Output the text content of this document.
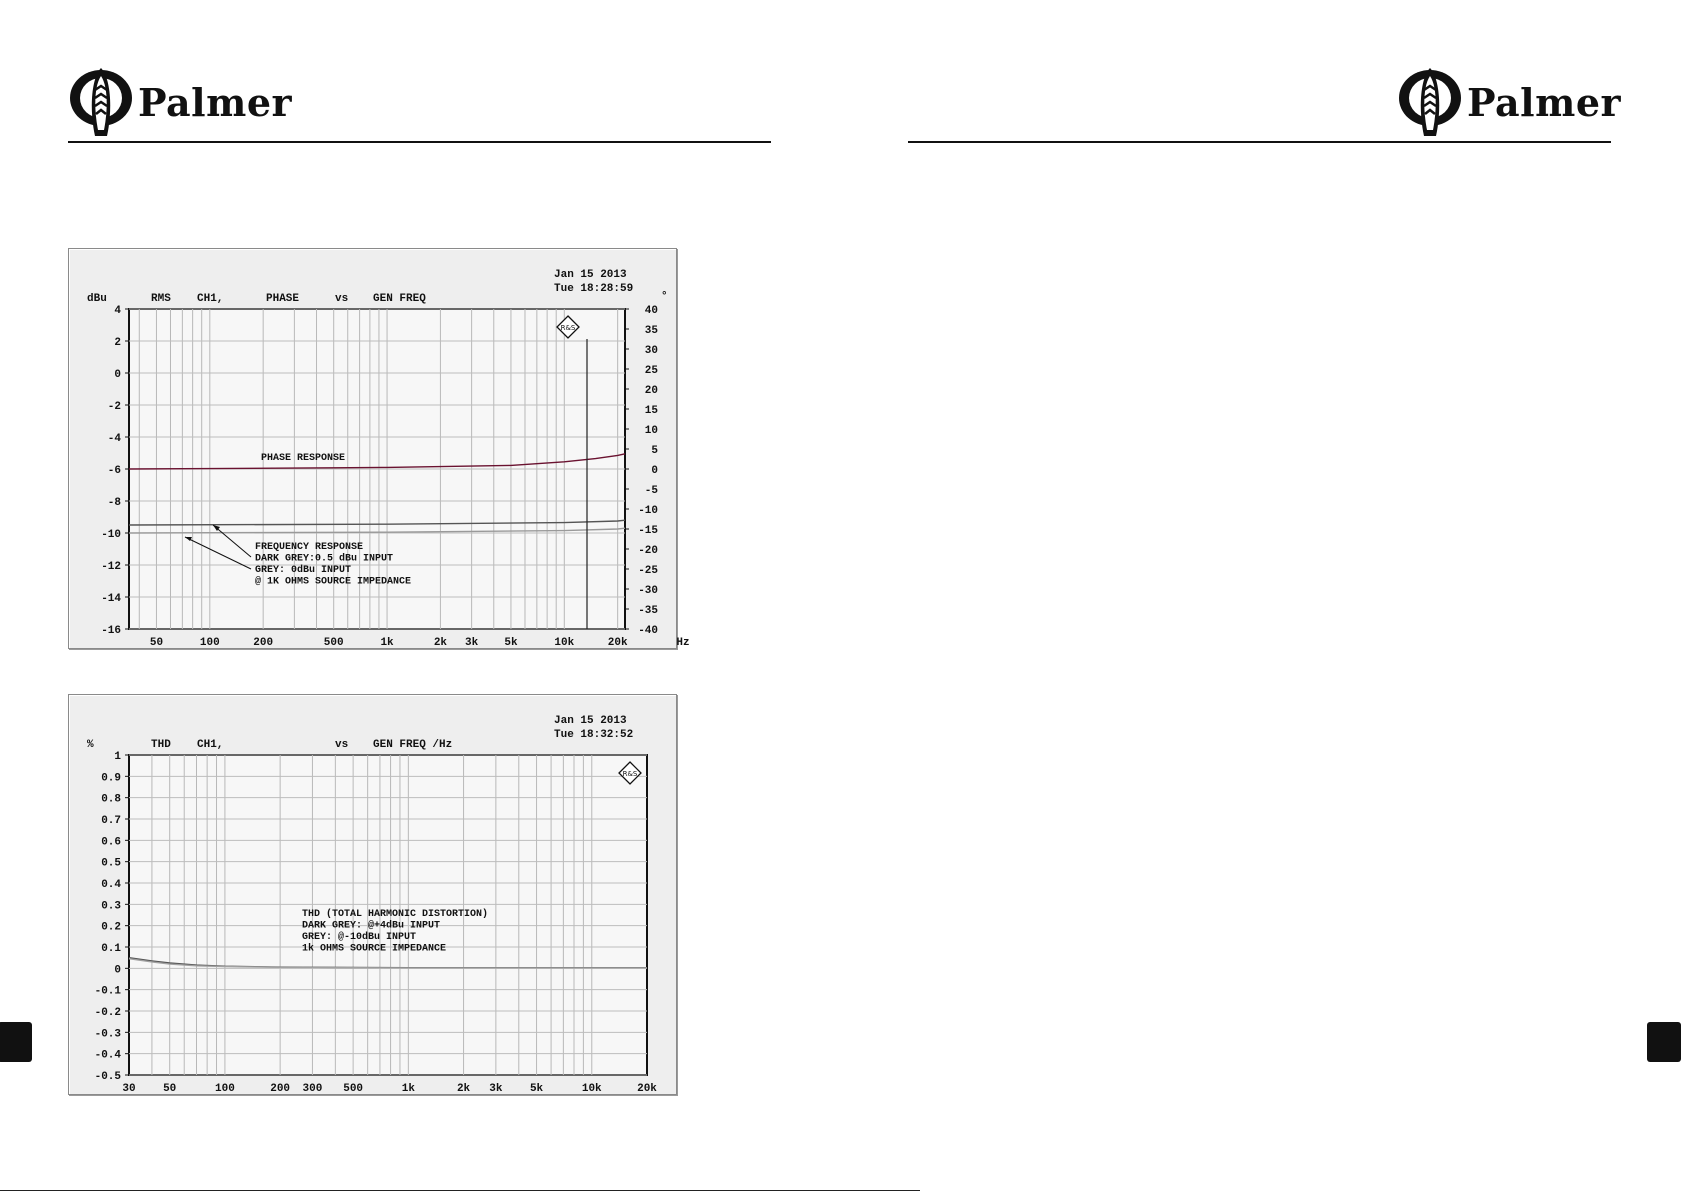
Palmer	Palmer
4
2
0
-2
-4
-6
-8
-10
-12
-14
-16
40
35
30
25
20
15
10
5
0
-5
-10
-15
-20
-25
-30
-35
-40
50	100	200	500	1k	2k 3k 5k	10k	20k	Hz
dBu	RMS CH1,	PHASE	vs GEN FREQ
Jan 15 2013
Tue 18:28:59
°
R&S
PHASE RESPONSE
FREQUENCY RESPONSE
DARK GREY:0.5 dBu INPUT
GREY: 0dBu INPUT
@ 1K OHMS SOURCE IMPEDANCE
1
0.9
0.8
0.7
0.6
0.5
0.4
0.3
0.2
0.1
0
-0.1
-0.2
-0.3
-0.4
-0.5
30 50	100	200 300 500	1k	2k 3k 5k	10k	20k
%	THD CH1,	vs GEN FREQ /Hz
Jan 15 2013
Tue 18:32:52
R&S
THD (TOTAL HARMONIC DISTORTION)
DARK GREY: @+4dBu INPUT
GREY: @-10dBu INPUT
1k OHMS SOURCE IMPEDANCE
